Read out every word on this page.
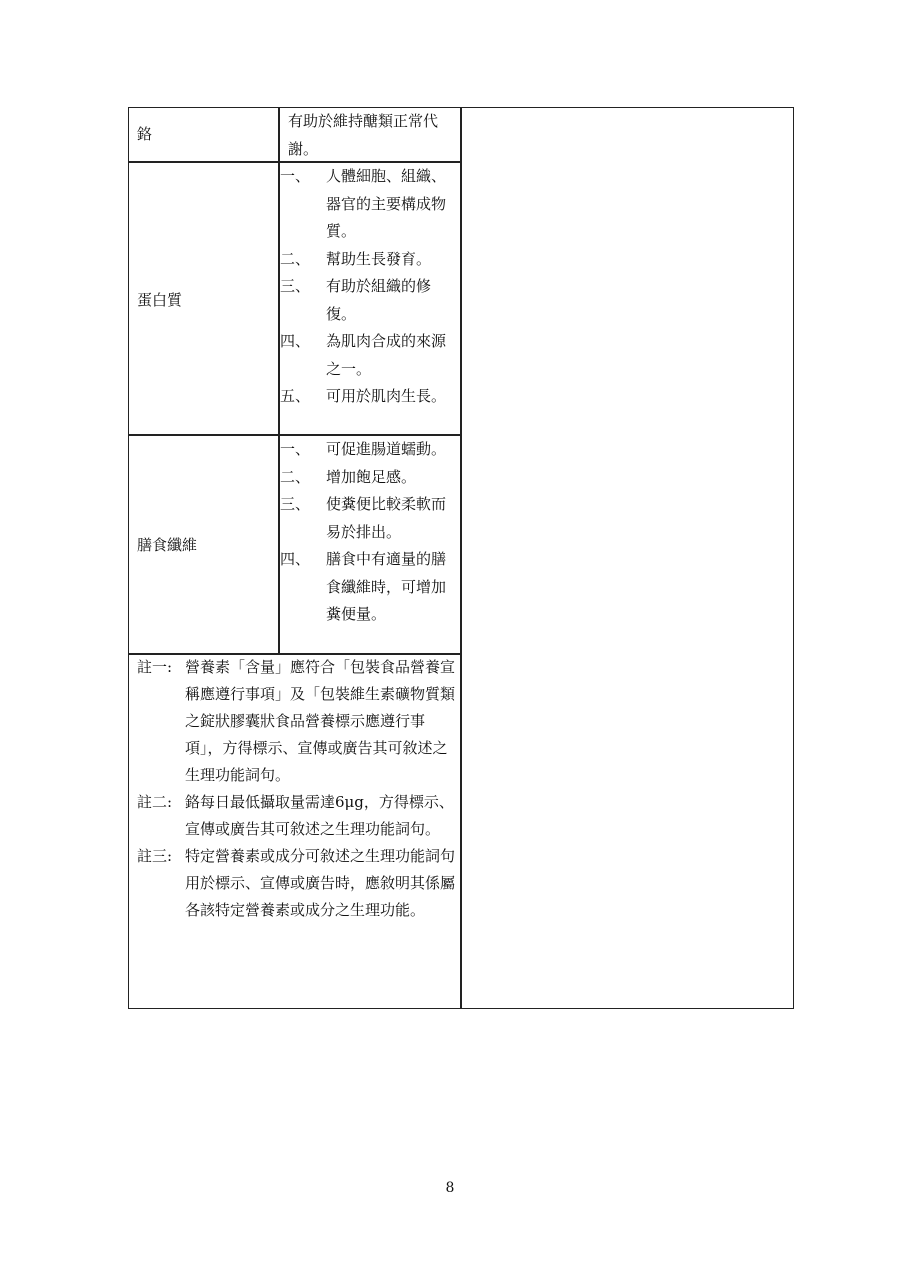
鉻
有助於維持醣類正常代謝。
蛋白質
一、 人體細胞、組織、器官的主要構成物質。
二、 幫助生長發育。
三、 有助於組織的修復。
四、 為肌肉合成的來源之一。
五、 可用於肌肉生長。
膳食纖維
一、 可促進腸道蠕動。
二、 增加飽足感。
三、 使糞便比較柔軟而易於排出。
四、 膳食中有適量的膳食纖維時，可增加糞便量。
註一: 營養素「含量」應符合「包裝食品營養宣稱應遵行事項」及「包裝維生素礦物質類之錠狀膠囊狀食品營養標示應遵行事項」，方得標示、宣傳或廣告其可敘述之生理功能詞句。
註二: 鉻每日最低攝取量需達6μg，方得標示、宣傳或廣告其可敘述之生理功能詞句。
註三: 特定營養素或成分可敘述之生理功能詞句用於標示、宣傳或廣告時，應敘明其係屬各該特定營養素或成分之生理功能。
8
